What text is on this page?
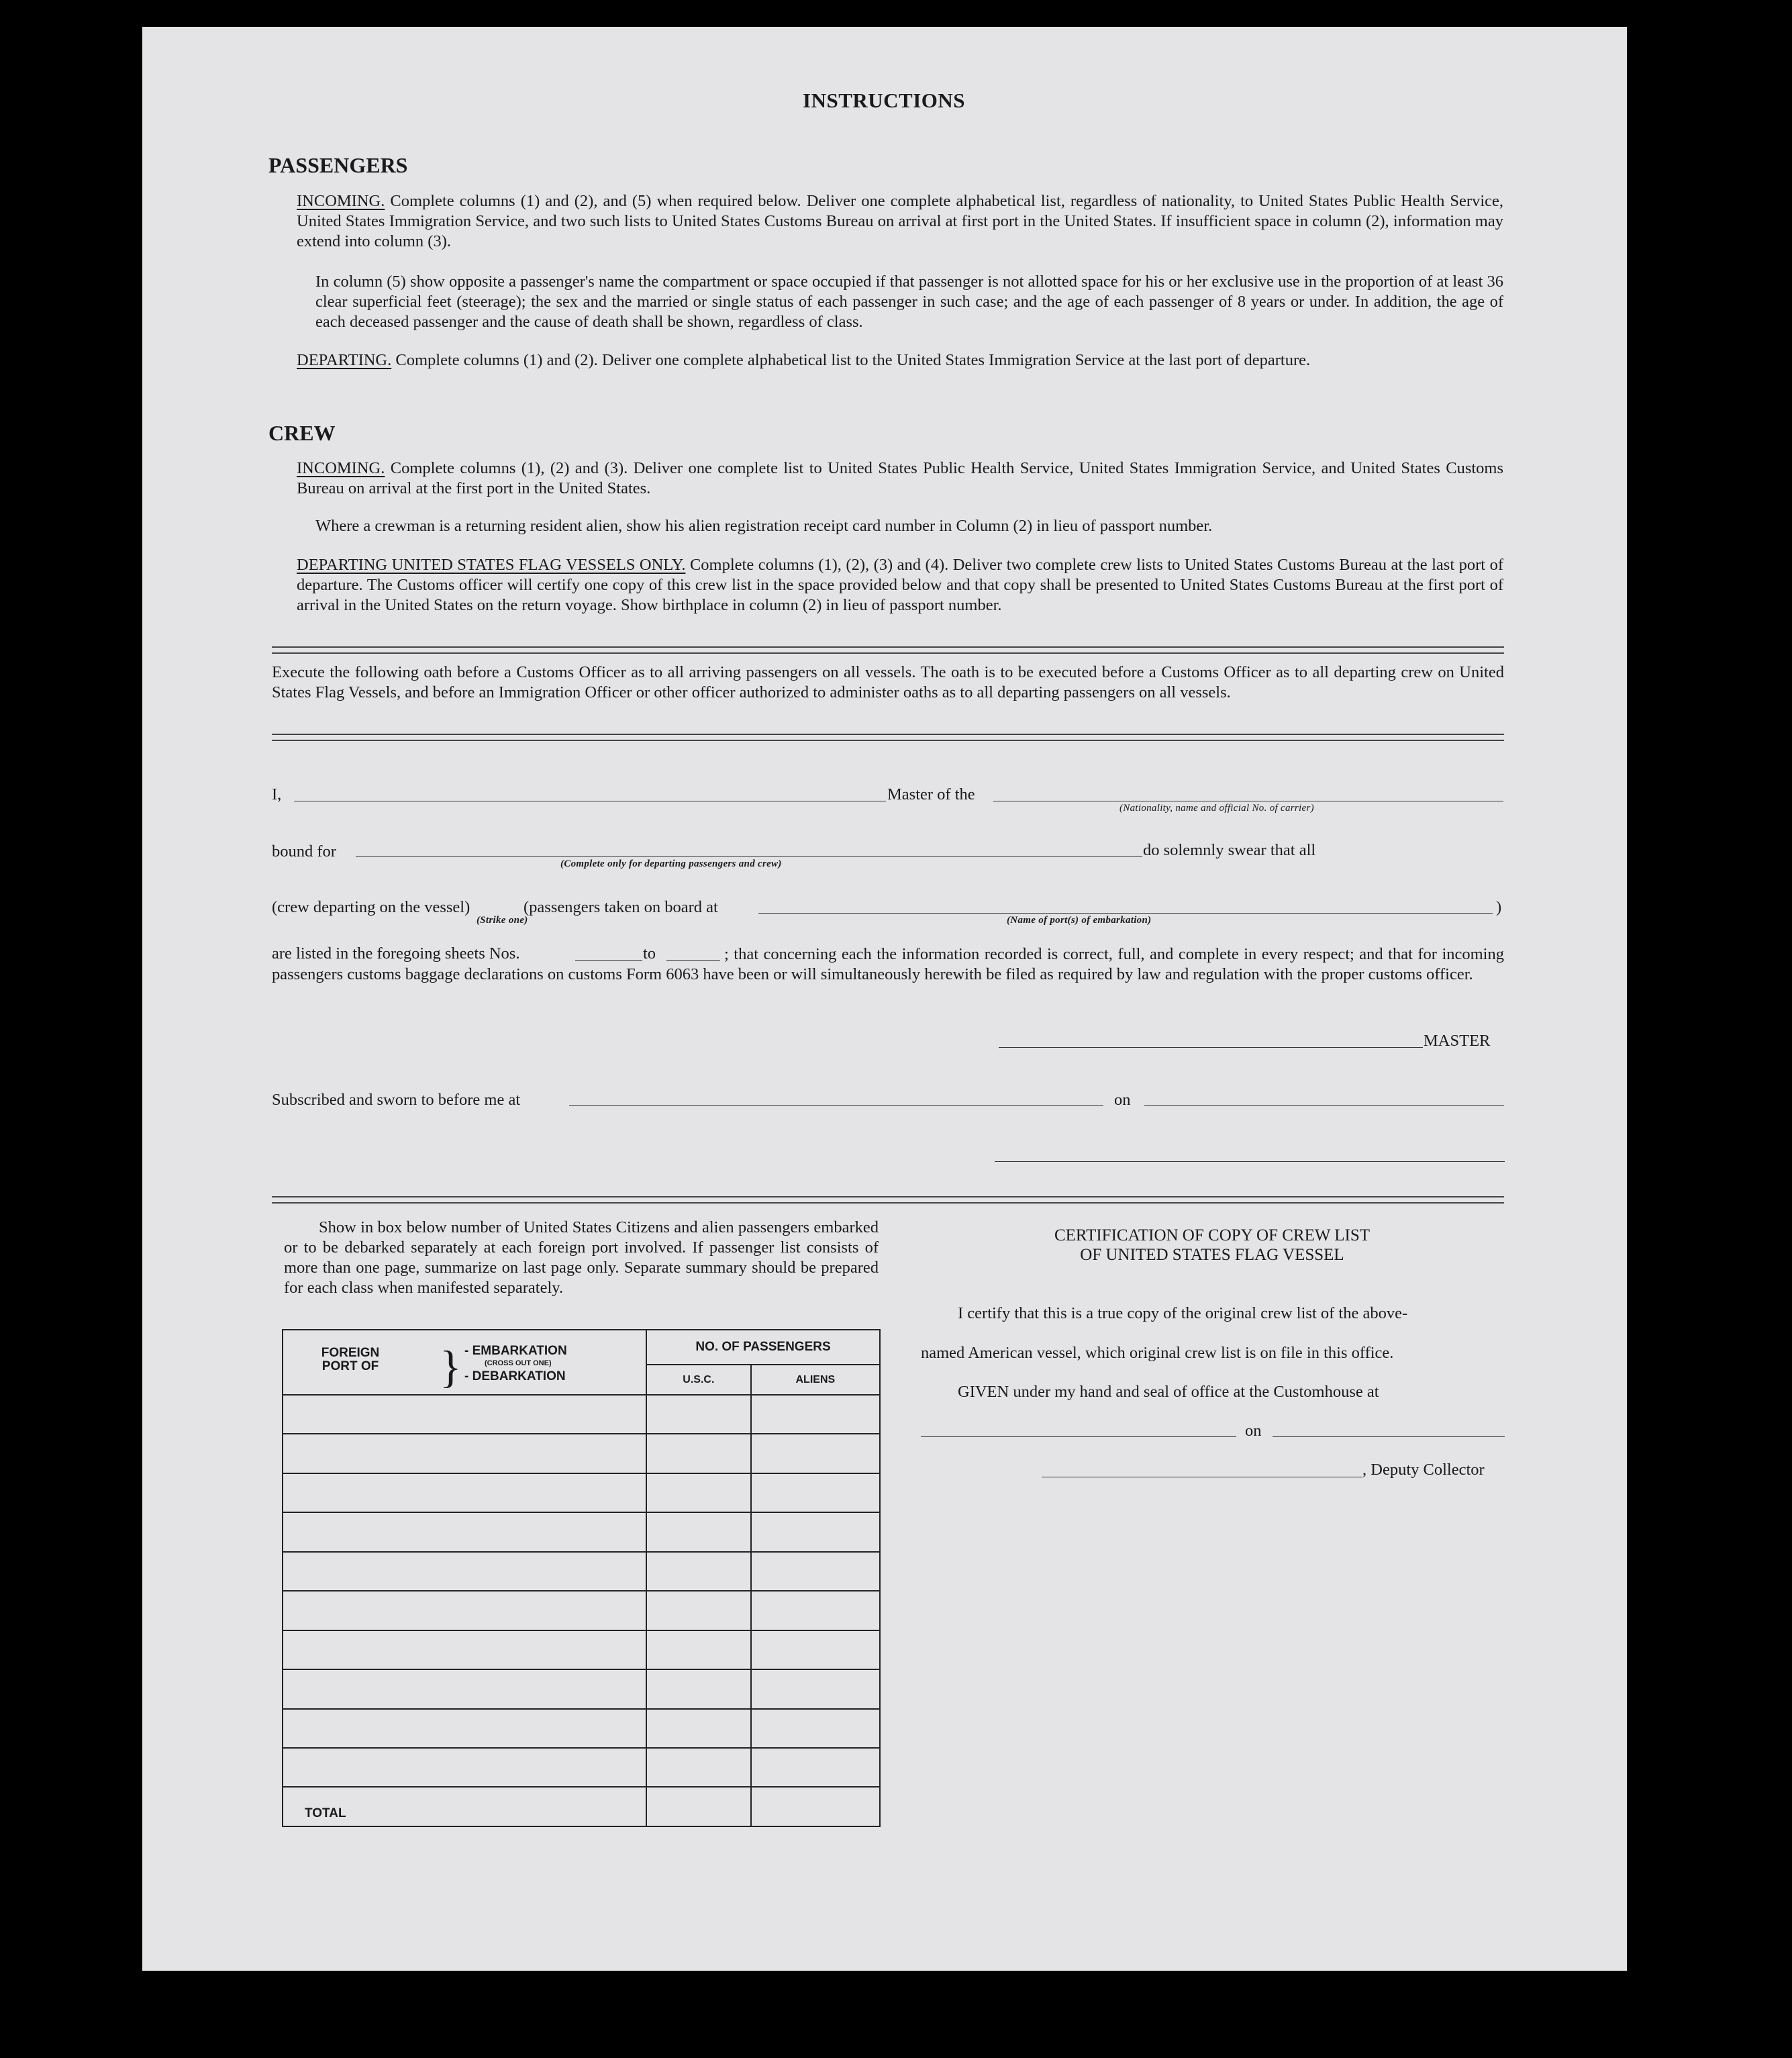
INSTRUCTIONS
PASSENGERS
INCOMING. Complete columns (1) and (2), and (5) when required below. Deliver one complete alphabetical list, regardless of nationality, to United States Public Health Service, United States Immigration Service, and two such lists to United States Customs Bureau on arrival at first port in the United States. If insufficient space in column (2), information may extend into column (3).
In column (5) show opposite a passenger's name the compartment or space occupied if that passenger is not allotted space for his or her exclusive use in the proportion of at least 36 clear superficial feet (steerage); the sex and the married or single status of each passenger in such case; and the age of each passenger of 8 years or under. In addition, the age of each deceased passenger and the cause of death shall be shown, regardless of class.
DEPARTING. Complete columns (1) and (2). Deliver one complete alphabetical list to the United States Immigration Service at the last port of departure.
CREW
INCOMING. Complete columns (1), (2) and (3). Deliver one complete list to United States Public Health Service, United States Immigration Service, and United States Customs Bureau on arrival at the first port in the United States.
Where a crewman is a returning resident alien, show his alien registration receipt card number in Column (2) in lieu of passport number.
DEPARTING UNITED STATES FLAG VESSELS ONLY. Complete columns (1), (2), (3) and (4). Deliver two complete crew lists to United States Customs Bureau at the last port of departure. The Customs officer will certify one copy of this crew list in the space provided below and that copy shall be presented to United States Customs Bureau at the first port of arrival in the United States on the return voyage. Show birthplace in column (2) in lieu of passport number.
Execute the following oath before a Customs Officer as to all arriving passengers on all vessels. The oath is to be executed before a Customs Officer as to all departing crew on United States Flag Vessels, and before an Immigration Officer or other officer authorized to administer oaths as to all departing passengers on all vessels.
I,	Master of the
(Nationality, name and official No. of carrier)
bound for
(Complete only for departing passengers and crew)
do solemnly swear that all
(crew departing on the vessel)	(passengers taken on board at	)
(Strike one)	(Name of port(s) of embarkation)
are listed in the foregoing sheets Nos.	to	; that concerning each the information recorded is correct, full, and complete in every respect; and that for incoming passengers customs baggage declarations on customs Form 6063 have been or will simultaneously herewith be filed as required by law and regulation with the proper customs officer.
MASTER
Subscribed and sworn to before me at	on
Show in box below number of United States Citizens and alien passengers embarked or to be debarked separately at each foreign port involved. If passenger list consists of more than one page, summarize on last page only. Separate summary should be prepared for each class when manifested separately.
FOREIGN PORT OF } - EMBARKATION
(CROSS OUT ONE)
- DEBARKATION	NO. OF PASSENGERS	
	U.S.C.	ALIENS

TOTAL		
CERTIFICATION OF COPY OF CREW LIST
OF UNITED STATES FLAG VESSEL
I certify that this is a true copy of the original crew list of the above-
named American vessel, which original crew list is on file in this office.
GIVEN under my hand and seal of office at the Customhouse at
on
, Deputy Collector
